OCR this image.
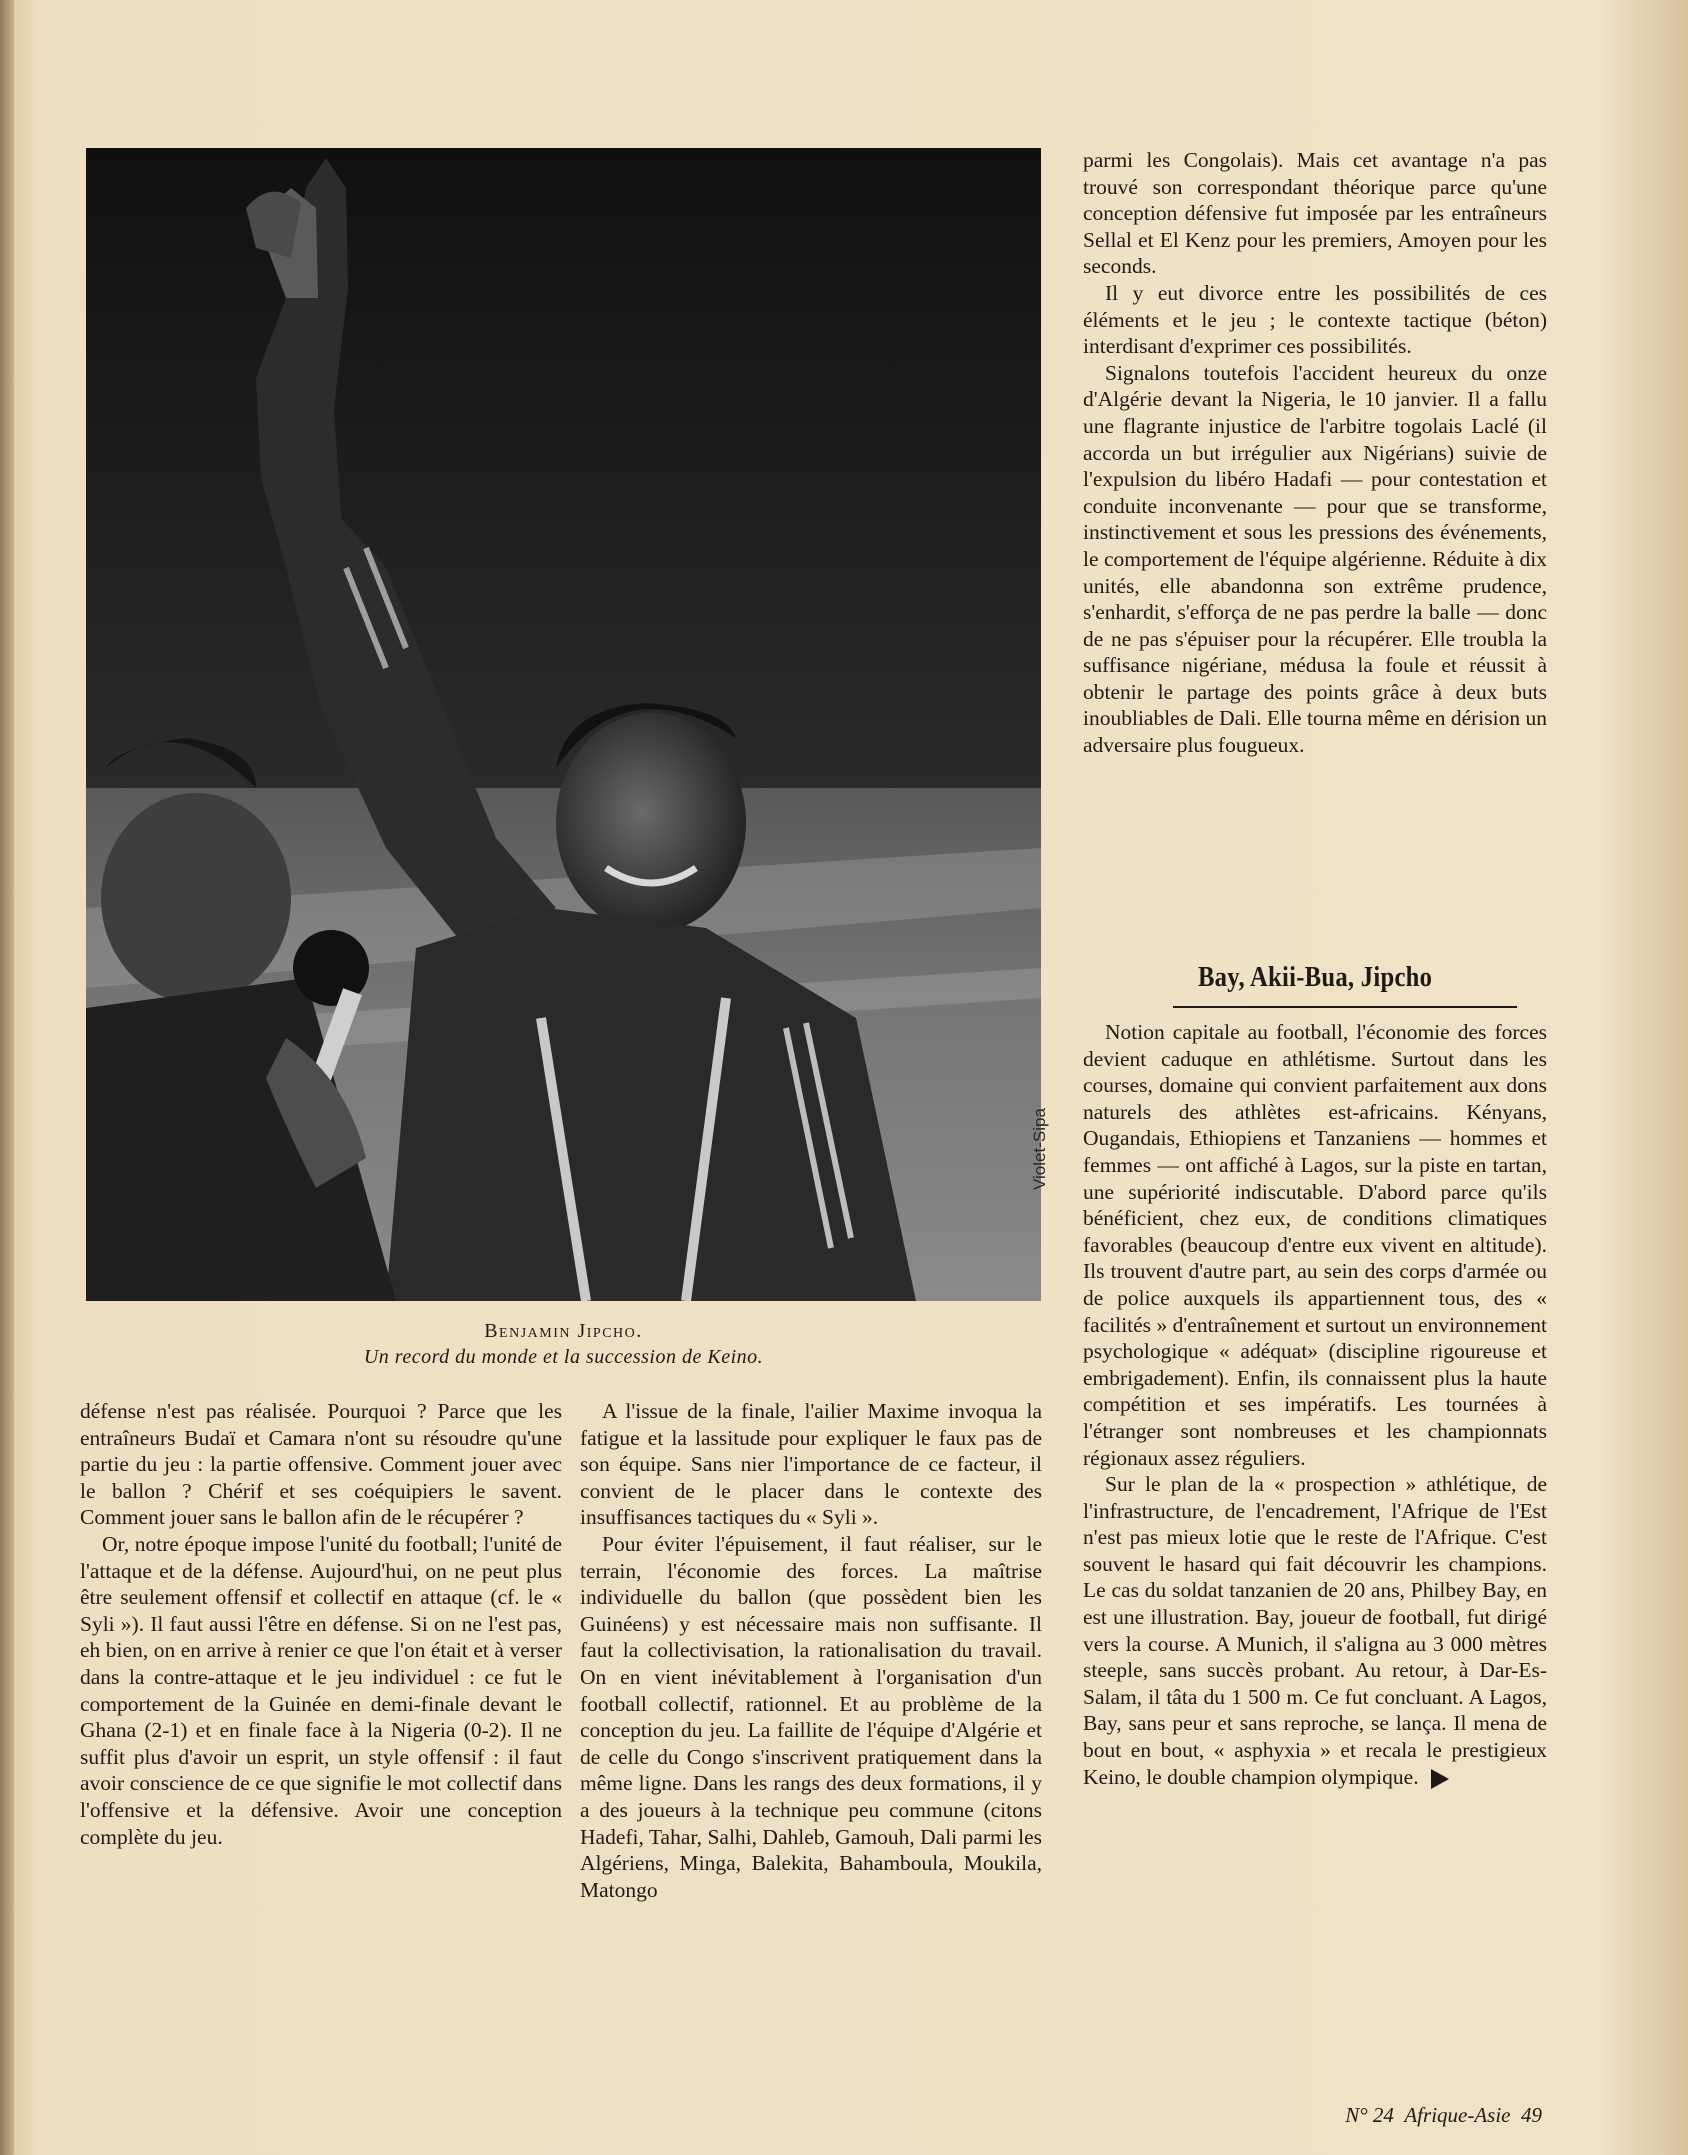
Violet-Sipa
Benjamin Jipcho.
Un record du monde et la succession de Keino.

défense n'est pas réalisée. Pourquoi ? Parce que les entraîneurs Budaï et Camara n'ont su résoudre qu'une partie du jeu : la partie offensive. Comment jouer avec le ballon ? Chérif et ses coéquipiers le savent. Comment jouer sans le ballon afin de le récupérer ?

Or, notre époque impose l'unité du football; l'unité de l'attaque et de la défense. Aujourd'hui, on ne peut plus être seulement offensif et collectif en attaque (cf. le « Syli »). Il faut aussi l'être en défense. Si on ne l'est pas, eh bien, on en arrive à renier ce que l'on était et à verser dans la contre-attaque et le jeu individuel : ce fut le comportement de la Guinée en demi-finale devant le Ghana (2-1) et en finale face à la Nigeria (0-2). Il ne suffit plus d'avoir un esprit, un style offensif : il faut avoir conscience de ce que signifie le mot collectif dans l'offensive et la défensive. Avoir une conception complète du jeu.

A l'issue de la finale, l'ailier Maxime invoqua la fatigue et la lassitude pour expliquer le faux pas de son équipe. Sans nier l'importance de ce facteur, il convient de le placer dans le contexte des insuffisances tactiques du « Syli ».

Pour éviter l'épuisement, il faut réaliser, sur le terrain, l'économie des forces. La maîtrise individuelle du ballon (que possèdent bien les Guinéens) y est nécessaire mais non suffisante. Il faut la collectivisation, la rationalisation du travail. On en vient inévitablement à l'organisation d'un football collectif, rationnel. Et au problème de la conception du jeu. La faillite de l'équipe d'Algérie et de celle du Congo s'inscrivent pratiquement dans la même ligne. Dans les rangs des deux formations, il y a des joueurs à la technique peu commune (citons Hadefi, Tahar, Salhi, Dahleb, Gamouh, Dali parmi les Algériens, Minga, Balekita, Bahamboula, Moukila, Matongo

parmi les Congolais). Mais cet avantage n'a pas trouvé son correspondant théorique parce qu'une conception défensive fut imposée par les entraîneurs Sellal et El Kenz pour les premiers, Amoyen pour les seconds.

Il y eut divorce entre les possibilités de ces éléments et le jeu ; le contexte tactique (béton) interdisant d'exprimer ces possibilités.

Signalons toutefois l'accident heureux du onze d'Algérie devant la Nigeria, le 10 janvier. Il a fallu une flagrante injustice de l'arbitre togolais Laclé (il accorda un but irrégulier aux Nigérians) suivie de l'expulsion du libéro Hadafi — pour contestation et conduite inconvenante — pour que se transforme, instinctivement et sous les pressions des événements, le comportement de l'équipe algérienne. Réduite à dix unités, elle abandonna son extrême prudence, s'enhardit, s'efforça de ne pas perdre la balle — donc de ne pas s'épuiser pour la récupérer. Elle troubla la suffisance nigériane, médusa la foule et réussit à obtenir le partage des points grâce à deux buts inoubliables de Dali. Elle tourna même en dérision un adversaire plus fougueux.

Bay, Akii-Bua, Jipcho

Notion capitale au football, l'économie des forces devient caduque en athlétisme. Surtout dans les courses, domaine qui convient parfaitement aux dons naturels des athlètes est-africains. Kényans, Ougandais, Ethiopiens et Tanzaniens — hommes et femmes — ont affiché à Lagos, sur la piste en tartan, une supériorité indiscutable. D'abord parce qu'ils bénéficient, chez eux, de conditions climatiques favorables (beaucoup d'entre eux vivent en altitude). Ils trouvent d'autre part, au sein des corps d'armée ou de police auxquels ils appartiennent tous, des « facilités » d'entraînement et surtout un environnement psychologique « adéquat» (discipline rigoureuse et embrigadement). Enfin, ils connaissent plus la haute compétition et ses impératifs. Les tournées à l'étranger sont nombreuses et les championnats régionaux assez réguliers.

Sur le plan de la « prospection » athlétique, de l'infrastructure, de l'encadrement, l'Afrique de l'Est n'est pas mieux lotie que le reste de l'Afrique. C'est souvent le hasard qui fait découvrir les champions. Le cas du soldat tanzanien de 20 ans, Philbey Bay, en est une illustration. Bay, joueur de football, fut dirigé vers la course. A Munich, il s'aligna au 3 000 mètres steeple, sans succès probant. Au retour, à Dar-Es-Salam, il tâta du 1 500 m. Ce fut concluant. A Lagos, Bay, sans peur et sans reproche, se lança. Il mena de bout en bout, « asphyxia » et recala le prestigieux Keino, le double champion olympique.

N° 24 Afrique-Asie 49
